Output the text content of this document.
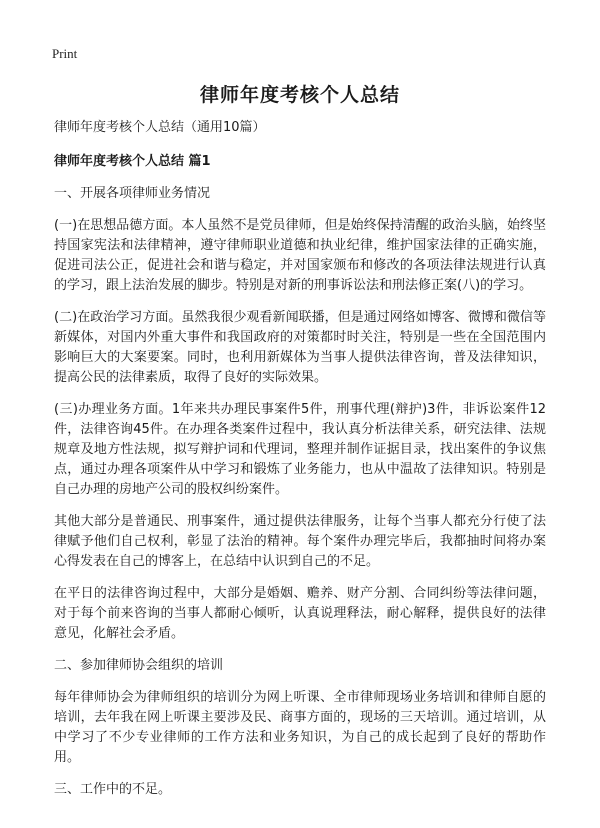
Print
律师年度考核个人总结

律师年度考核个人总结（通用10篇）

律师年度考核个人总结 篇1

一、开展各项律师业务情况

(一)在思想品德方面。本人虽然不是党员律师，但是始终保持清醒的政治头脑，始终坚持国家宪法和法律精神，遵守律师职业道德和执业纪律，维护国家法律的正确实施，促进司法公正，促进社会和谐与稳定，并对国家颁布和修改的各项法律法规进行认真的学习，跟上法治发展的脚步。特别是对新的刑事诉讼法和刑法修正案(八)的学习。

(二)在政治学习方面。虽然我很少观看新闻联播，但是通过网络如博客、微博和微信等新媒体，对国内外重大事件和我国政府的对策都时时关注，特别是一些在全国范围内影响巨大的大案要案。同时，也利用新媒体为当事人提供法律咨询，普及法律知识，提高公民的法律素质，取得了良好的实际效果。

(三)办理业务方面。1年来共办理民事案件5件，刑事代理(辩护)3件，非诉讼案件12件，法律咨询45件。在办理各类案件过程中，我认真分析法律关系，研究法律、法规规章及地方性法规，拟写辩护词和代理词，整理并制作证据目录，找出案件的争议焦点，通过办理各项案件从中学习和锻炼了业务能力，也从中温故了法律知识。特别是自己办理的房地产公司的股权纠纷案件。

其他大部分是普通民、刑事案件，通过提供法律服务，让每个当事人都充分行使了法律赋予他们自己权利，彰显了法治的精神。每个案件办理完毕后，我都抽时间将办案心得发表在自己的博客上，在总结中认识到自己的不足。

在平日的法律咨询过程中，大部分是婚姻、赡养、财产分割、合同纠纷等法律问题，对于每个前来咨询的当事人都耐心倾听，认真说理释法，耐心解释，提供良好的法律意见，化解社会矛盾。

二、参加律师协会组织的培训

每年律师协会为律师组织的培训分为网上听课、全市律师现场业务培训和律师自愿的培训，去年我在网上听课主要涉及民、商事方面的，现场的三天培训。通过培训，从中学习了不少专业律师的工作方法和业务知识，为自己的成长起到了良好的帮助作用。

三、工作中的不足。
